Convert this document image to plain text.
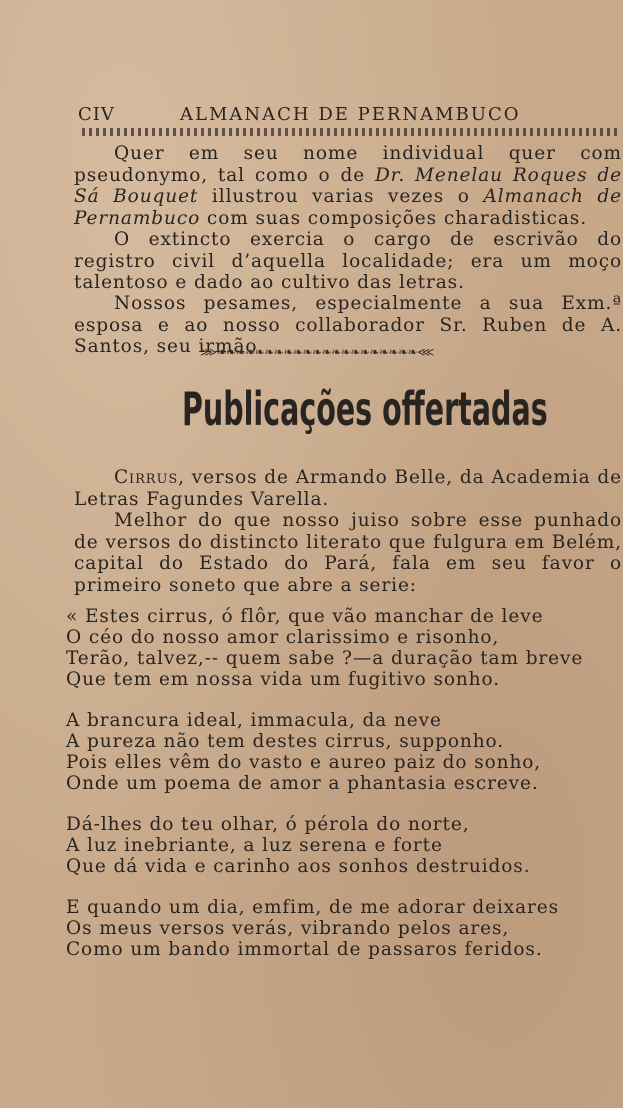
CIV	ALMANACH DE PERNAMBUCO
Quer em seu nome individual quer com pseudonymo, tal como o de Dr. Menelau Roques de Sá Bouquet illustrou varias vezes o Almanach de Pernambuco com suas composições charadisticas.
O extincto exercia o cargo de escrivão do registro civil d’aquella localidade; era um moço talentoso e dado ao cultivo das letras.
Nossos pesames, especialmente a sua Exm.ª esposa e ao nosso collaborador Sr. Ruben de A. Santos, seu irmão.
⋙❧❧❧❧❧❧❧❧❧❧❧❧❧❧❧❧❧❧❧❧❧⋘
Publicações offertadas
Cirrus, versos de Armando Belle, da Academia de Letras Fagundes Varella.
Melhor do que nosso juiso sobre esse punhado de versos do distincto literato que fulgura em Belém, capital do Estado do Pará, fala em seu favor o primeiro soneto que abre a serie:
« Estes cirrus, ó flôr, que vão manchar de leve
O céo do nosso amor clarissimo e risonho,
Terão, talvez,-- quem sabe ?—a duração tam breve
Que tem em nossa vida um fugitivo sonho.
A brancura ideal, immacula, da neve
A pureza não tem destes cirrus, supponho.
Pois elles vêm do vasto e aureo paiz do sonho,
Onde um poema de amor a phantasia escreve.
Dá-lhes do teu olhar, ó pérola do norte,
A luz inebriante, a luz serena e forte
Que dá vida e carinho aos sonhos destruidos.
E quando um dia, emfim, de me adorar deixares
Os meus versos verás, vibrando pelos ares,
Como um bando immortal de passaros feridos.
